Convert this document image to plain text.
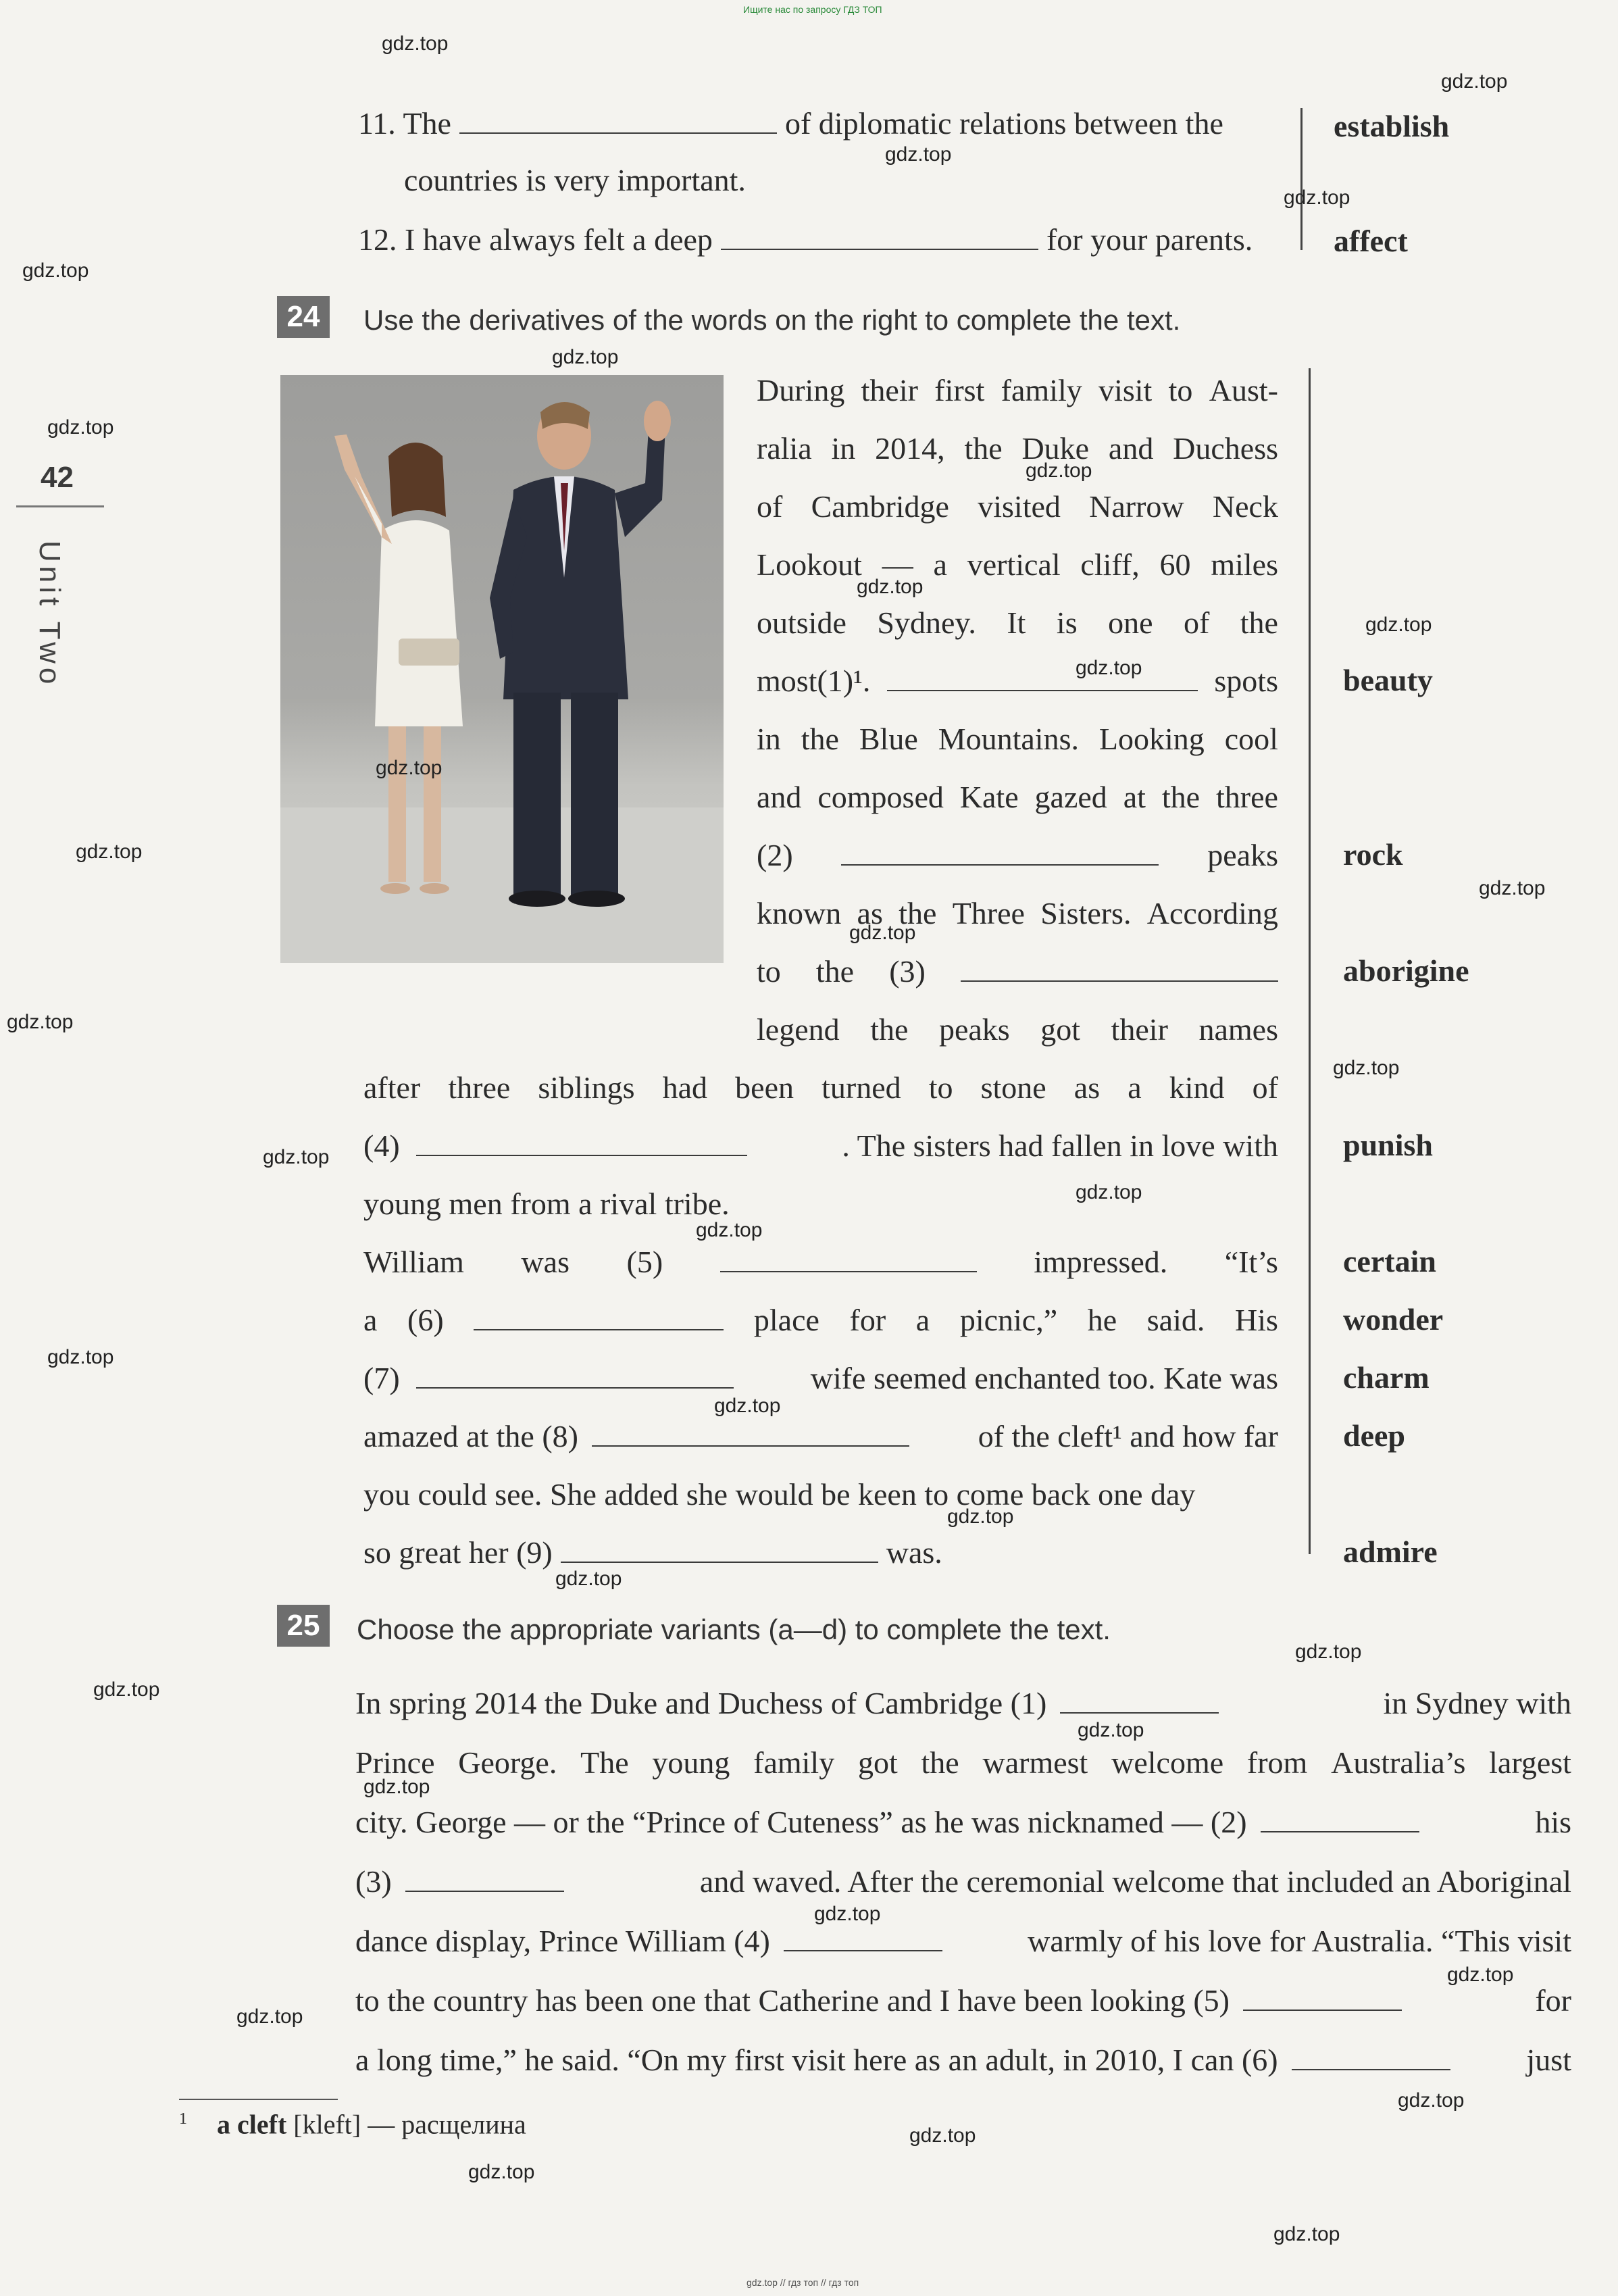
Ищите нас по запросу ГДЗ ТОП
42
Unit Two
11. The	of diplomatic relations between the
countries is very important.
establish
12. I have always felt a deep	for your parents.	affect
24	Use the derivatives of the words on the right to complete the text.
During their first family visit to Aust-
ralia in 2014, the Duke and Duchess
of Cambridge visited Narrow Neck
Lookout — a vertical cliff, 60 miles
outside Sydney. It is one of the
most(1)¹.	spots
in the Blue Mountains. Looking cool
and composed Kate gazed at the three
(2)	peaks
known as the Three Sisters. According
to the (3)
legend the peaks got their names
after three siblings had been turned to stone as a kind of
(4)	. The sisters had fallen in love with
young men from a rival tribe.
William was (5)	impressed. “It’s
a (6)	place for a picnic,” he said. His
(7)	wife seemed enchanted too. Kate was
amazed at the (8)	of the cleft¹ and how far
you could see. She added she would be keen to come back one day
so great her (9)	was.
beauty
rock
aborigine
punish
certain
wonder
charm
deep
admire
25	Choose the appropriate variants (a—d) to complete the text.
In spring 2014 the Duke and Duchess of Cambridge (1)	in Sydney with
Prince George. The young family got the warmest welcome from Australia’s largest
city. George — or the “Prince of Cuteness” as he was nicknamed — (2)	his
(3)	and waved. After the ceremonial welcome that included an Aboriginal
dance display, Prince William (4)	warmly of his love for Australia. “This visit
to the country has been one that Catherine and I have been looking (5)	for
a long time,” he said. “On my first visit here as an adult, in 2010, I can (6)	just
$^1$ a cleft [kleft] — расщелина
gdz.top
gdz.top
gdz.top
gdz.top
gdz.top
gdz.top
gdz.top
gdz.top
gdz.top
gdz.top
gdz.top
gdz.top
gdz.top
gdz.top
gdz.top
gdz.top
gdz.top
gdz.top
gdz.top
gdz.top
gdz.top
gdz.top
gdz.top
gdz.top
gdz.top
gdz.top
gdz.top
gdz.top
gdz.top
gdz.top
gdz.top
gdz.top
gdz.top
gdz.top
gdz.top
gdz.top // гдз топ // гдз топ
